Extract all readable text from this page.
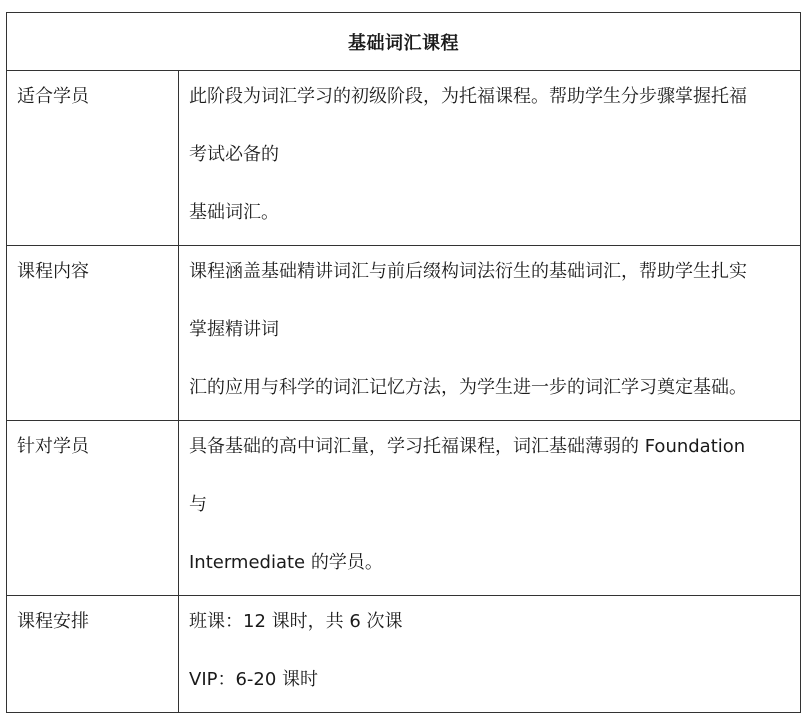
基础词汇课程
适合学员	此阶段为词汇学习的初级阶段，为托福课程。帮助学生分步骤掌握托福
考试必备的
基础词汇。
课程内容	课程涵盖基础精讲词汇与前后缀构词法衍生的基础词汇，帮助学生扎实
掌握精讲词
汇的应用与科学的词汇记忆方法，为学生进一步的词汇学习奠定基础。
针对学员	具备基础的高中词汇量，学习托福课程，词汇基础薄弱的 Foundation
与
Intermediate 的学员。
课程安排	班课：12 课时，共 6 次课
VIP：6-20 课时
